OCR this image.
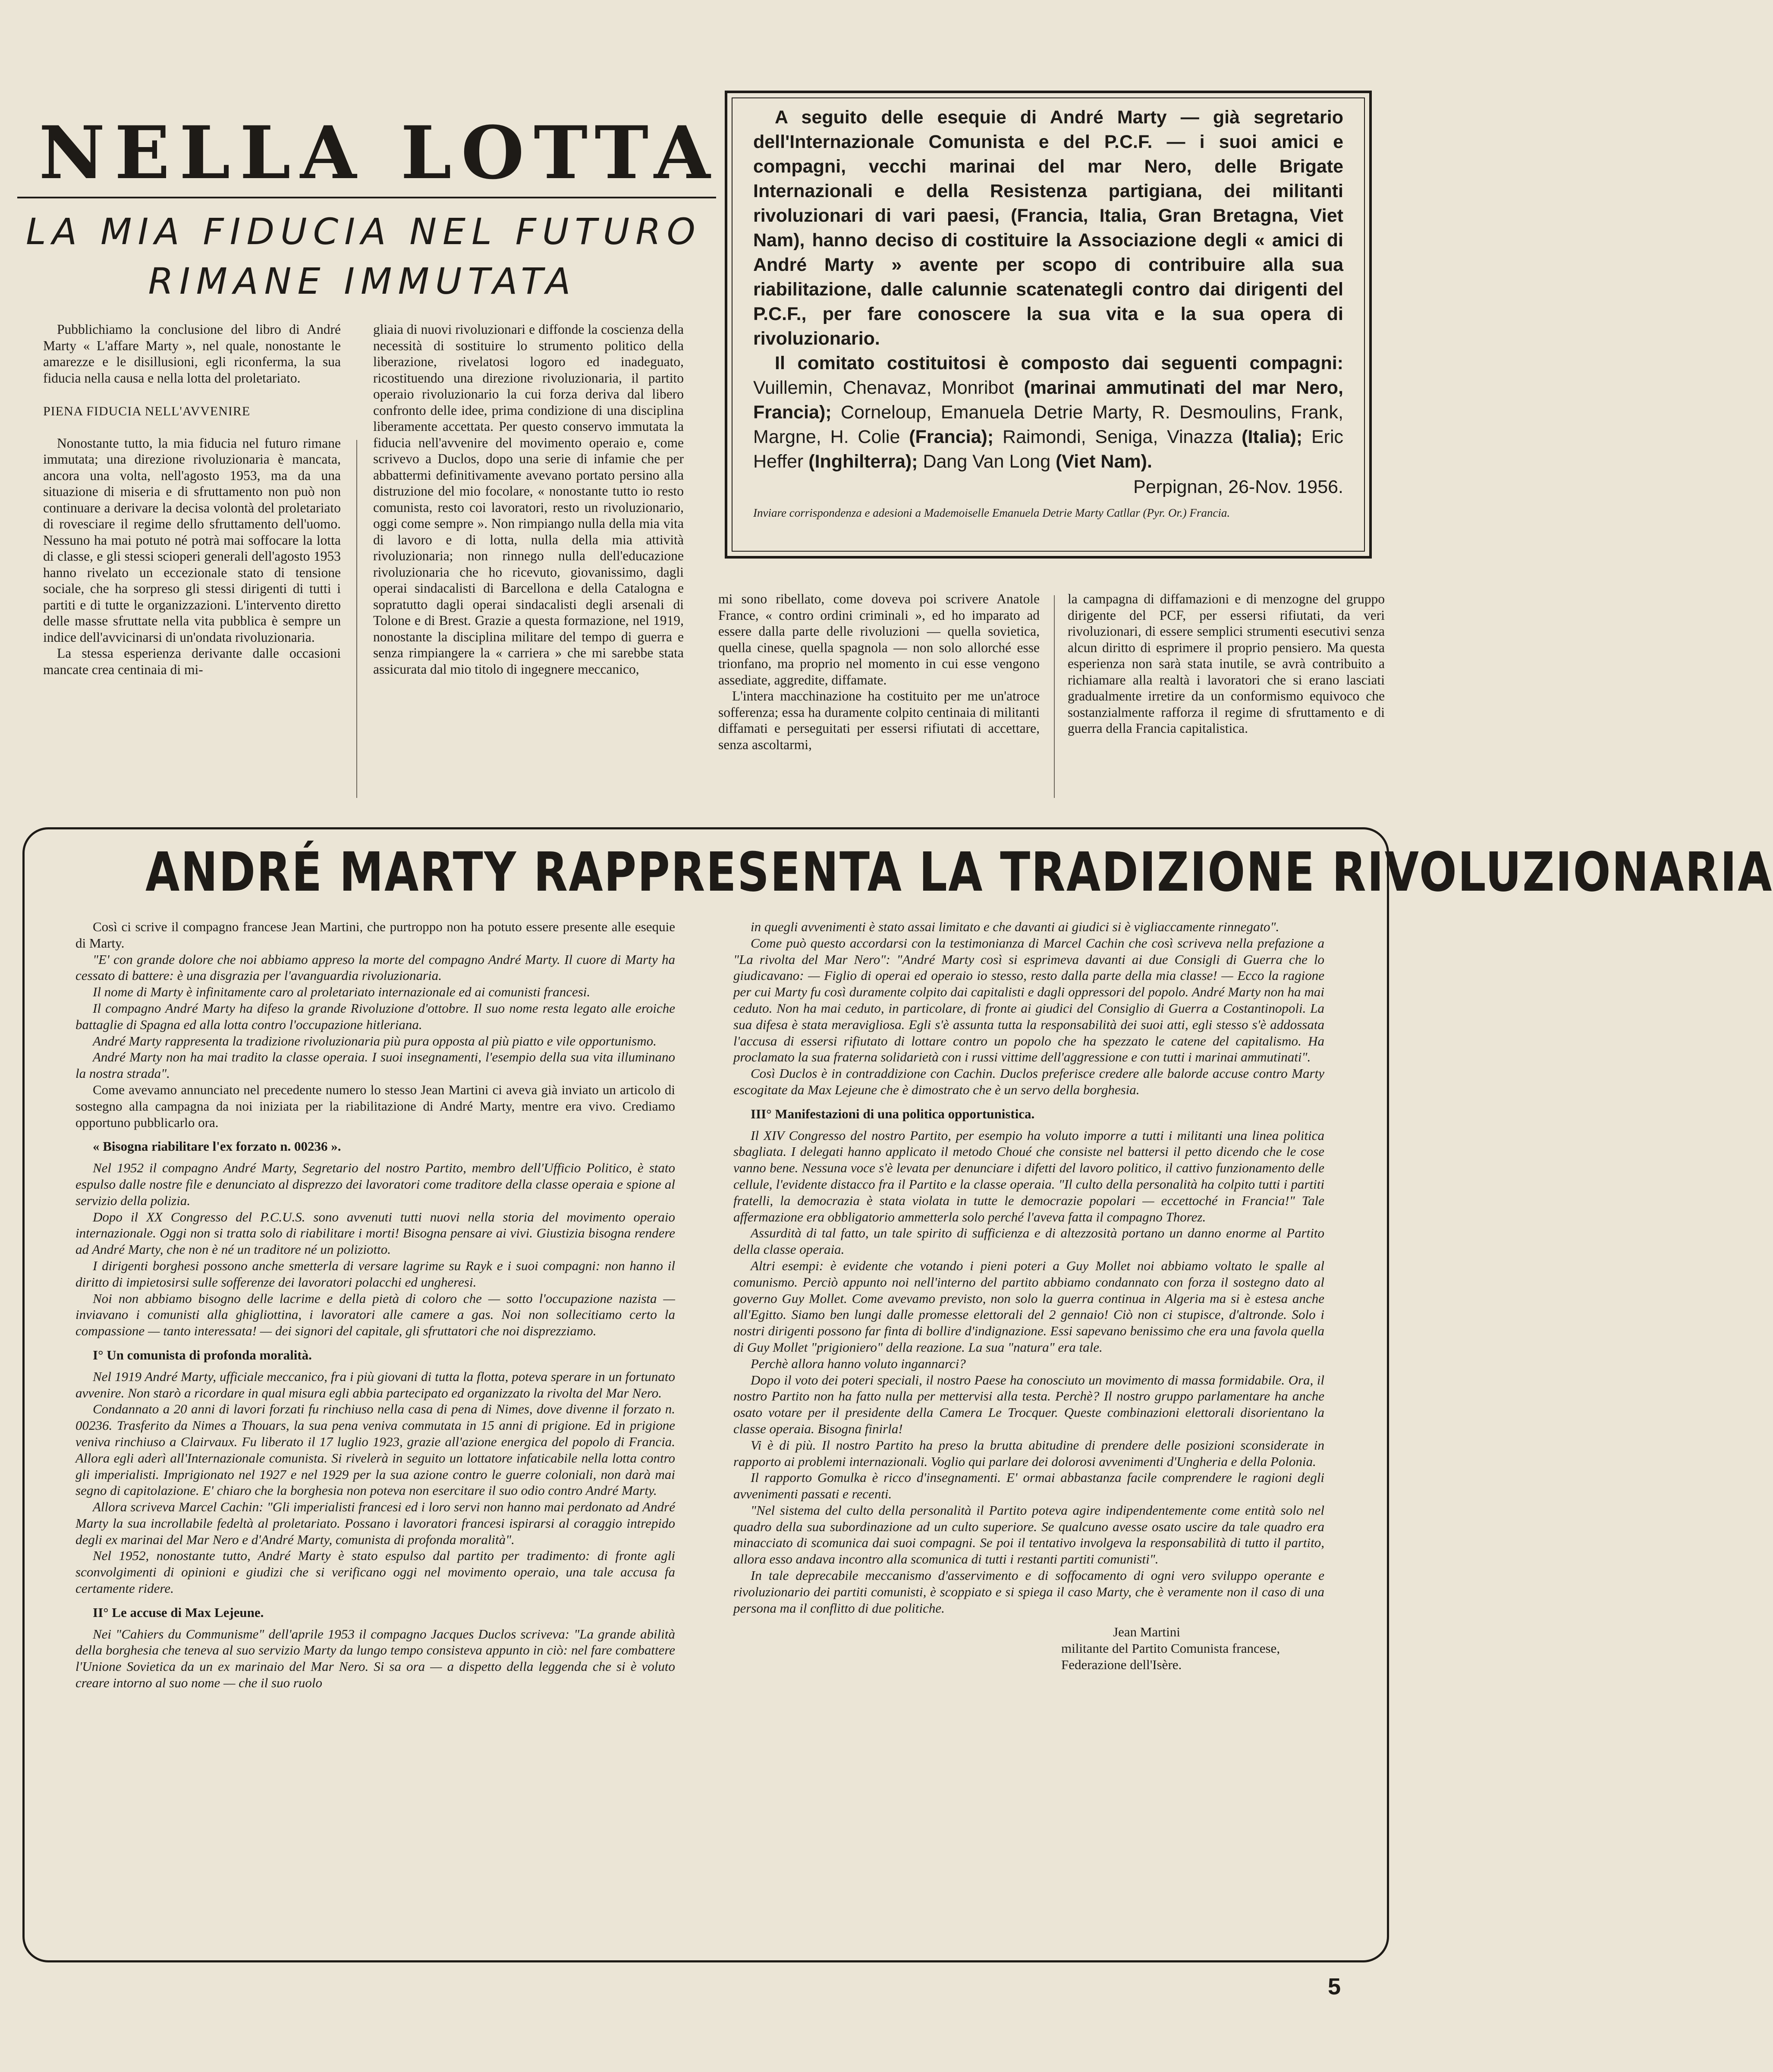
NELLA LOTTA
LA MIA FIDUCIA NEL FUTURO
RIMANE IMMUTATA

Pubblichiamo la conclusione del libro di André Marty « L'affare Marty », nel quale, nonostante le amarezze e le disillusioni, egli riconferma, la sua fiducia nella causa e nella lotta del proletariato.

PIENA FIDUCIA NELL'AVVENIRE

Nonostante tutto, la mia fiducia nel futuro rimane immutata; una direzione rivoluzionaria è mancata, ancora una volta, nell'agosto 1953, ma da una situazione di miseria e di sfruttamento non può non continuare a derivare la decisa volontà del proletariato di rovesciare il regime dello sfruttamento dell'uomo. Nessuno ha mai potuto né potrà mai soffocare la lotta di classe, e gli stessi scioperi generali dell'agosto 1953 hanno rivelato un eccezionale stato di tensione sociale, che ha sorpreso gli stessi dirigenti di tutti i partiti e di tutte le organizzazioni. L'intervento diretto delle masse sfruttate nella vita pubblica è sempre un indice dell'avvicinarsi di un'ondata rivoluzionaria.

La stessa esperienza derivante dalle occasioni mancate crea centinaia di mi-

gliaia di nuovi rivoluzionari e diffonde la coscienza della necessità di sostituire lo strumento politico della liberazione, rivelatosi logoro ed inadeguato, ricostituendo una direzione rivoluzionaria, il partito operaio rivoluzionario la cui forza deriva dal libero confronto delle idee, prima condizione di una disciplina liberamente accettata. Per questo conservo immutata la fiducia nell'avvenire del movimento operaio e, come scrivevo a Duclos, dopo una serie di infamie che per abbattermi definitivamente avevano portato persino alla distruzione del mio focolare, « nonostante tutto io resto comunista, resto coi lavoratori, resto un rivoluzionario, oggi come sempre ». Non rimpiango nulla della mia vita di lavoro e di lotta, nulla della mia attività rivoluzionaria; non rinnego nulla dell'educazione rivoluzionaria che ho ricevuto, giovanissimo, dagli operai sindacalisti di Barcellona e della Catalogna e sopratutto dagli operai sindacalisti degli arsenali di Tolone e di Brest. Grazie a questa formazione, nel 1919, nonostante la disciplina militare del tempo di guerra e senza rimpiangere la « carriera » che mi sarebbe stata assicurata dal mio titolo di ingegnere meccanico,

mi sono ribellato, come doveva poi scrivere Anatole France, « contro ordini criminali », ed ho imparato ad essere dalla parte delle rivoluzioni — quella sovietica, quella cinese, quella spagnola — non solo allorché esse trionfano, ma proprio nel momento in cui esse vengono assediate, aggredite, diffamate.

L'intera macchinazione ha costituito per me un'atroce sofferenza; essa ha duramente colpito centinaia di militanti diffamati e perseguitati per essersi rifiutati di accettare, senza ascoltarmi,

la campagna di diffamazioni e di menzogne del gruppo dirigente del PCF, per essersi rifiutati, da veri rivoluzionari, di essere semplici strumenti esecutivi senza alcun diritto di esprimere il proprio pensiero. Ma questa esperienza non sarà stata inutile, se avrà contribuito a richiamare alla realtà i lavoratori che si erano lasciati gradualmente irretire da un conformismo equivoco che sostanzialmente rafforza il regime di sfruttamento e di guerra della Francia capitalistica.

A seguito delle esequie di André Marty — già segretario dell'Internazionale Comunista e del P.C.F. — i suoi amici e compagni, vecchi marinai del mar Nero, delle Brigate Internazionali e della Resistenza partigiana, dei militanti rivoluzionari di vari paesi, (Francia, Italia, Gran Bretagna, Viet Nam), hanno deciso di costituire la Associazione degli « amici di André Marty » avente per scopo di contribuire alla sua riabilitazione, dalle calunnie scatenategli contro dai dirigenti del P.C.F., per fare conoscere la sua vita e la sua opera di rivoluzionario.

Il comitato costituitosi è composto dai seguenti compagni: Vuillemin, Chenavaz, Monribot (marinai ammutinati del mar Nero, Francia); Corneloup, Emanuela Detrie Marty, R. Desmoulins, Frank, Margne, H. Colie (Francia); Raimondi, Seniga, Vinazza (Italia); Eric Heffer (Inghilterra); Dang Van Long (Viet Nam).

Perpignan, 26-Nov. 1956.
Inviare corrispondenza e adesioni a Mademoiselle Emanuela Detrie Marty Catllar (Pyr. Or.) Francia.
ANDRÉ MARTY RAPPRESENTA LA TRADIZIONE RIVOLUZIONARIA

Così ci scrive il compagno francese Jean Martini, che purtroppo non ha potuto essere presente alle esequie di Marty.

"E' con grande dolore che noi abbiamo appreso la morte del compagno André Marty. Il cuore di Marty ha cessato di battere: è una disgrazia per l'avanguardia rivoluzionaria.

Il nome di Marty è infinitamente caro al proletariato internazionale ed ai comunisti francesi.

Il compagno André Marty ha difeso la grande Rivoluzione d'ottobre. Il suo nome resta legato alle eroiche battaglie di Spagna ed alla lotta contro l'occupazione hitleriana.

André Marty rappresenta la tradizione rivoluzionaria più pura opposta al più piatto e vile opportunismo.

André Marty non ha mai tradito la classe operaia. I suoi insegnamenti, l'esempio della sua vita illuminano la nostra strada".

Come avevamo annunciato nel precedente numero lo stesso Jean Martini ci aveva già inviato un articolo di sostegno alla campagna da noi iniziata per la riabilitazione di André Marty, mentre era vivo. Crediamo opportuno pubblicarlo ora.

« Bisogna riabilitare l'ex forzato n. 00236 ».

Nel 1952 il compagno André Marty, Segretario del nostro Partito, membro dell'Ufficio Politico, è stato espulso dalle nostre file e denunciato al disprezzo dei lavoratori come traditore della classe operaia e spione al servizio della polizia.

Dopo il XX Congresso del P.C.U.S. sono avvenuti tutti nuovi nella storia del movimento operaio internazionale. Oggi non si tratta solo di riabilitare i morti! Bisogna pensare ai vivi. Giustizia bisogna rendere ad André Marty, che non è né un traditore né un poliziotto.

I dirigenti borghesi possono anche smetterla di versare lagrime su Rayk e i suoi compagni: non hanno il diritto di impietosirsi sulle sofferenze dei lavoratori polacchi ed ungheresi.

Noi non abbiamo bisogno delle lacrime e della pietà di coloro che — sotto l'occupazione nazista — inviavano i comunisti alla ghigliottina, i lavoratori alle camere a gas. Noi non sollecitiamo certo la compassione — tanto interessata! — dei signori del capitale, gli sfruttatori che noi disprezziamo.

I° Un comunista di profonda moralità.

Nel 1919 André Marty, ufficiale meccanico, fra i più giovani di tutta la flotta, poteva sperare in un fortunato avvenire. Non starò a ricordare in qual misura egli abbia partecipato ed organizzato la rivolta del Mar Nero.

Condannato a 20 anni di lavori forzati fu rinchiuso nella casa di pena di Nimes, dove divenne il forzato n. 00236. Trasferito da Nimes a Thouars, la sua pena veniva commutata in 15 anni di prigione. Ed in prigione veniva rinchiuso a Clairvaux. Fu liberato il 17 luglio 1923, grazie all'azione energica del popolo di Francia. Allora egli aderì all'Internazionale comunista. Si rivelerà in seguito un lottatore infaticabile nella lotta contro gli imperialisti. Imprigionato nel 1927 e nel 1929 per la sua azione contro le guerre coloniali, non darà mai segno di capitolazione. E' chiaro che la borghesia non poteva non esercitare il suo odio contro André Marty.

Allora scriveva Marcel Cachin: "Gli imperialisti francesi ed i loro servi non hanno mai perdonato ad André Marty la sua incrollabile fedeltà al proletariato. Possano i lavoratori francesi ispirarsi al coraggio intrepido degli ex marinai del Mar Nero e d'André Marty, comunista di profonda moralità".

Nel 1952, nonostante tutto, André Marty è stato espulso dal partito per tradimento: di fronte agli sconvolgimenti di opinioni e giudizi che si verificano oggi nel movimento operaio, una tale accusa fa certamente ridere.

II° Le accuse di Max Lejeune.

Nei "Cahiers du Communisme" dell'aprile 1953 il compagno Jacques Duclos scriveva: "La grande abilità della borghesia che teneva al suo servizio Marty da lungo tempo consisteva appunto in ciò: nel fare combattere l'Unione Sovietica da un ex marinaio del Mar Nero. Si sa ora — a dispetto della leggenda che si è voluto creare intorno al suo nome — che il suo ruolo

in quegli avvenimenti è stato assai limitato e che davanti ai giudici si è vigliaccamente rinnegato".

Come può questo accordarsi con la testimonianza di Marcel Cachin che così scriveva nella prefazione a "La rivolta del Mar Nero": "André Marty così si esprimeva davanti ai due Consigli di Guerra che lo giudicavano: — Figlio di operai ed operaio io stesso, resto dalla parte della mia classe! — Ecco la ragione per cui Marty fu così duramente colpito dai capitalisti e dagli oppressori del popolo. André Marty non ha mai ceduto. Non ha mai ceduto, in particolare, di fronte ai giudici del Consiglio di Guerra a Costantinopoli. La sua difesa è stata meravigliosa. Egli s'è assunta tutta la responsabilità dei suoi atti, egli stesso s'è addossata l'accusa di essersi rifiutato di lottare contro un popolo che ha spezzato le catene del capitalismo. Ha proclamato la sua fraterna solidarietà con i russi vittime dell'aggressione e con tutti i marinai ammutinati".

Così Duclos è in contraddizione con Cachin. Duclos preferisce credere alle balorde accuse contro Marty escogitate da Max Lejeune che è dimostrato che è un servo della borghesia.

III° Manifestazioni di una politica opportunistica.

Il XIV Congresso del nostro Partito, per esempio ha voluto imporre a tutti i militanti una linea politica sbagliata. I delegati hanno applicato il metodo Choué che consiste nel battersi il petto dicendo che le cose vanno bene. Nessuna voce s'è levata per denunciare i difetti del lavoro politico, il cattivo funzionamento delle cellule, l'evidente distacco fra il Partito e la classe operaia. "Il culto della personalità ha colpito tutti i partiti fratelli, la democrazia è stata violata in tutte le democrazie popolari — eccettoché in Francia!" Tale affermazione era obbligatorio ammetterla solo perché l'aveva fatta il compagno Thorez.

Assurdità di tal fatto, un tale spirito di sufficienza e di altezzosità portano un danno enorme al Partito della classe operaia.

Altri esempi: è evidente che votando i pieni poteri a Guy Mollet noi abbiamo voltato le spalle al comunismo. Perciò appunto noi nell'interno del partito abbiamo condannato con forza il sostegno dato al governo Guy Mollet. Come avevamo previsto, non solo la guerra continua in Algeria ma si è estesa anche all'Egitto. Siamo ben lungi dalle promesse elettorali del 2 gennaio! Ciò non ci stupisce, d'altronde. Solo i nostri dirigenti possono far finta di bollire d'indignazione. Essi sapevano benissimo che era una favola quella di Guy Mollet "prigioniero" della reazione. La sua "natura" era tale.

Perchè allora hanno voluto ingannarci?

Dopo il voto dei poteri speciali, il nostro Paese ha conosciuto un movimento di massa formidabile. Ora, il nostro Partito non ha fatto nulla per mettervisi alla testa. Perchè? Il nostro gruppo parlamentare ha anche osato votare per il presidente della Camera Le Trocquer. Queste combinazioni elettorali disorientano la classe operaia. Bisogna finirla!

Vi è di più. Il nostro Partito ha preso la brutta abitudine di prendere delle posizioni sconsiderate in rapporto ai problemi internazionali. Voglio qui parlare dei dolorosi avvenimenti d'Ungheria e della Polonia.

Il rapporto Gomulka è ricco d'insegnamenti. E' ormai abbastanza facile comprendere le ragioni degli avvenimenti passati e recenti.

"Nel sistema del culto della personalità il Partito poteva agire indipendentemente come entità solo nel quadro della sua subordinazione ad un culto superiore. Se qualcuno avesse osato uscire da tale quadro era minacciato di scomunica dai suoi compagni. Se poi il tentativo involgeva la responsabilità di tutto il partito, allora esso andava incontro alla scomunica di tutti i restanti partiti comunisti".

In tale deprecabile meccanismo d'asservimento e di soffocamento di ogni vero sviluppo operante e rivoluzionario dei partiti comunisti, è scoppiato e si spiega il caso Marty, che è veramente non il caso di una persona ma il conflitto di due politiche.

Jean Martini

militante del Partito Comunista francese, Federazione dell'Isère.

5
